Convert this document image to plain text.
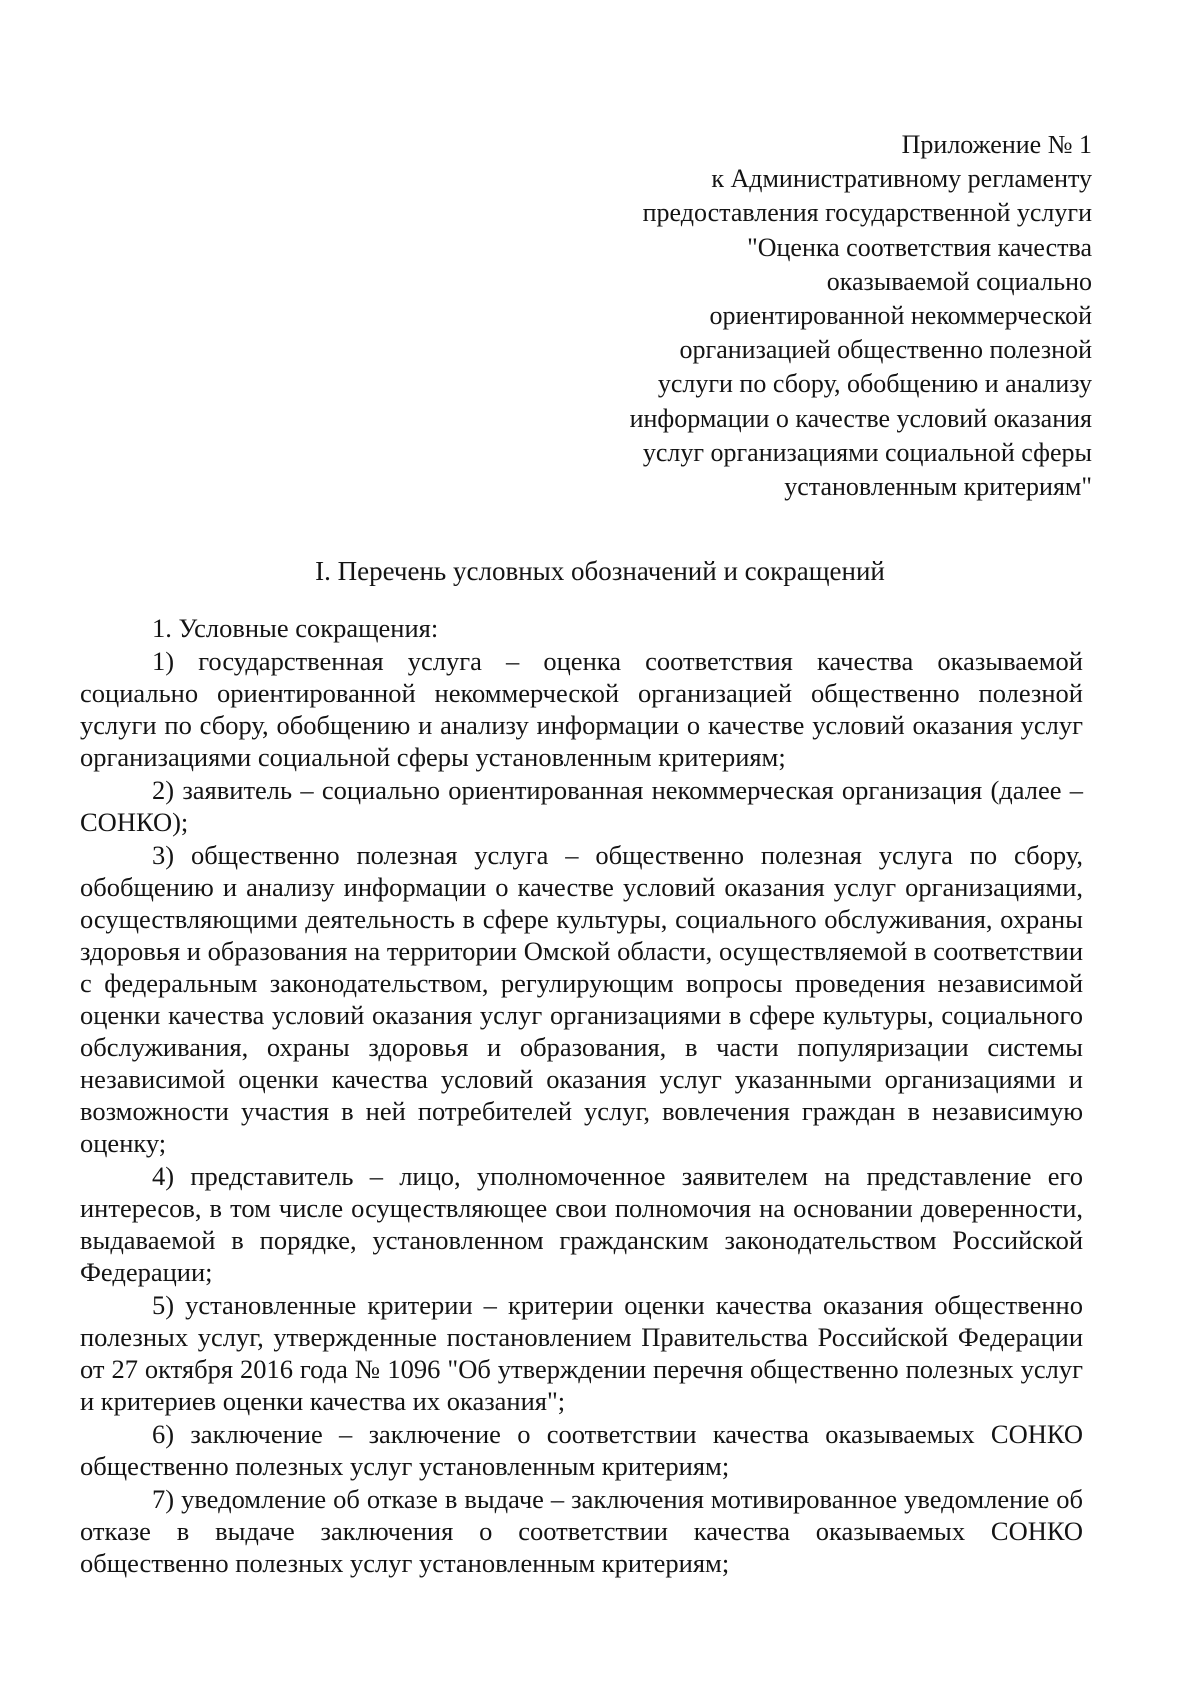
Приложение № 1
к Административному регламенту
предоставления государственной услуги
"Оценка соответствия качества
оказываемой социально
ориентированной некоммерческой
организацией общественно полезной
услуги по сбору, обобщению и анализу
информации о качестве условий оказания
услуг организациями социальной сферы
установленным критериям"
I. Перечень условных обозначений и сокращений

1. Условные сокращения:

1) государственная услуга – оценка соответствия качества оказываемой социально ориентированной некоммерческой организацией общественно полезной услуги по сбору, обобщению и анализу информации о качестве условий оказания услуг организациями социальной сферы установленным критериям;

2) заявитель – социально ориентированная некоммерческая организация (далее – СОНКО);

3) общественно полезная услуга – общественно полезная услуга по сбору, обобщению и анализу информации о качестве условий оказания услуг организациями, осуществляющими деятельность в сфере культуры, социального обслуживания, охраны здоровья и образования на территории Омской области, осуществляемой в соответствии с федеральным законодательством, регулирующим вопросы проведения независимой оценки качества условий оказания услуг организациями в сфере культуры, социального обслуживания, охраны здоровья и образования, в части популяризации системы независимой оценки качества условий оказания услуг указанными организациями и возможности участия в ней потребителей услуг, вовлечения граждан в независимую оценку;

4) представитель – лицо, уполномоченное заявителем на представление его интересов, в том числе осуществляющее свои полномочия на основании доверенности, выдаваемой в порядке, установленном гражданским законодательством Российской Федерации;

5) установленные критерии – критерии оценки качества оказания общественно полезных услуг, утвержденные постановлением Правительства Российской Федерации от 27 октября 2016 года № 1096 "Об утверждении перечня общественно полезных услуг и критериев оценки качества их оказания";

6) заключение – заключение о соответствии качества оказываемых СОНКО общественно полезных услуг установленным критериям;

7) уведомление об отказе в выдаче – заключения мотивированное уведомление об отказе в выдаче заключения о соответствии качества оказываемых СОНКО общественно полезных услуг установленным критериям;
